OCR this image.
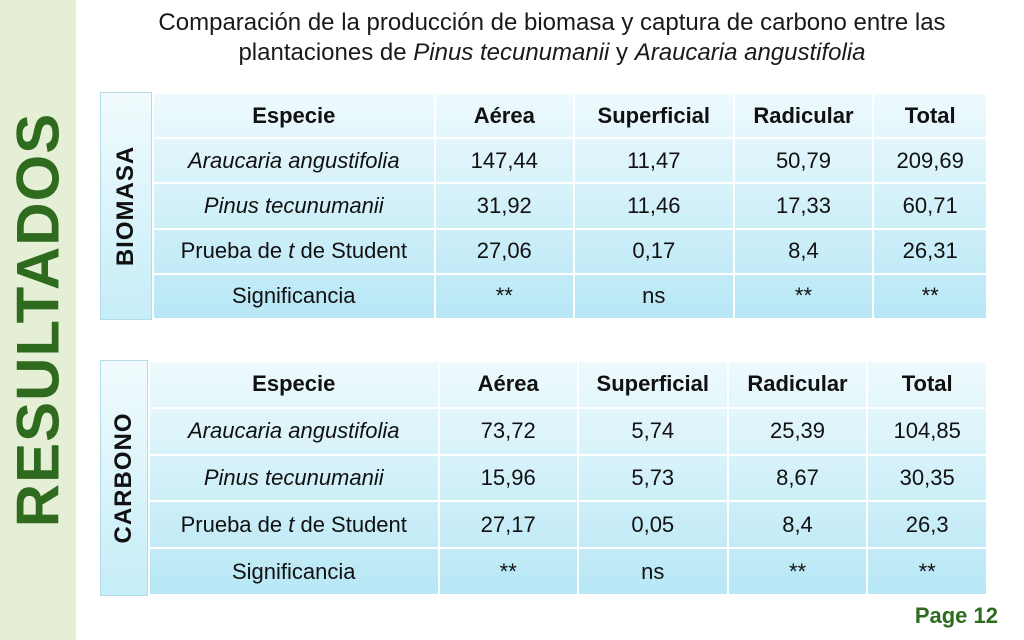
RESULTADOS
Comparación de la producción de biomasa y captura de carbono entre las
plantaciones de Pinus tecunumanii y Araucaria angustifolia
BIOMASA
Especie	Aérea	Superficial	Radicular	Total
Araucaria angustifolia	147,44	11,47	50,79	209,69
Pinus tecunumanii	31,92	11,46	17,33	60,71
Prueba de t de Student	27,06	0,17	8,4	26,31
Significancia	**	ns	**	**
CARBONO
Especie	Aérea	Superficial	Radicular	Total
Araucaria angustifolia	73,72	5,74	25,39	104,85
Pinus tecunumanii	15,96	5,73	8,67	30,35
Prueba de t de Student	27,17	0,05	8,4	26,3
Significancia	**	ns	**	**
Page 12
